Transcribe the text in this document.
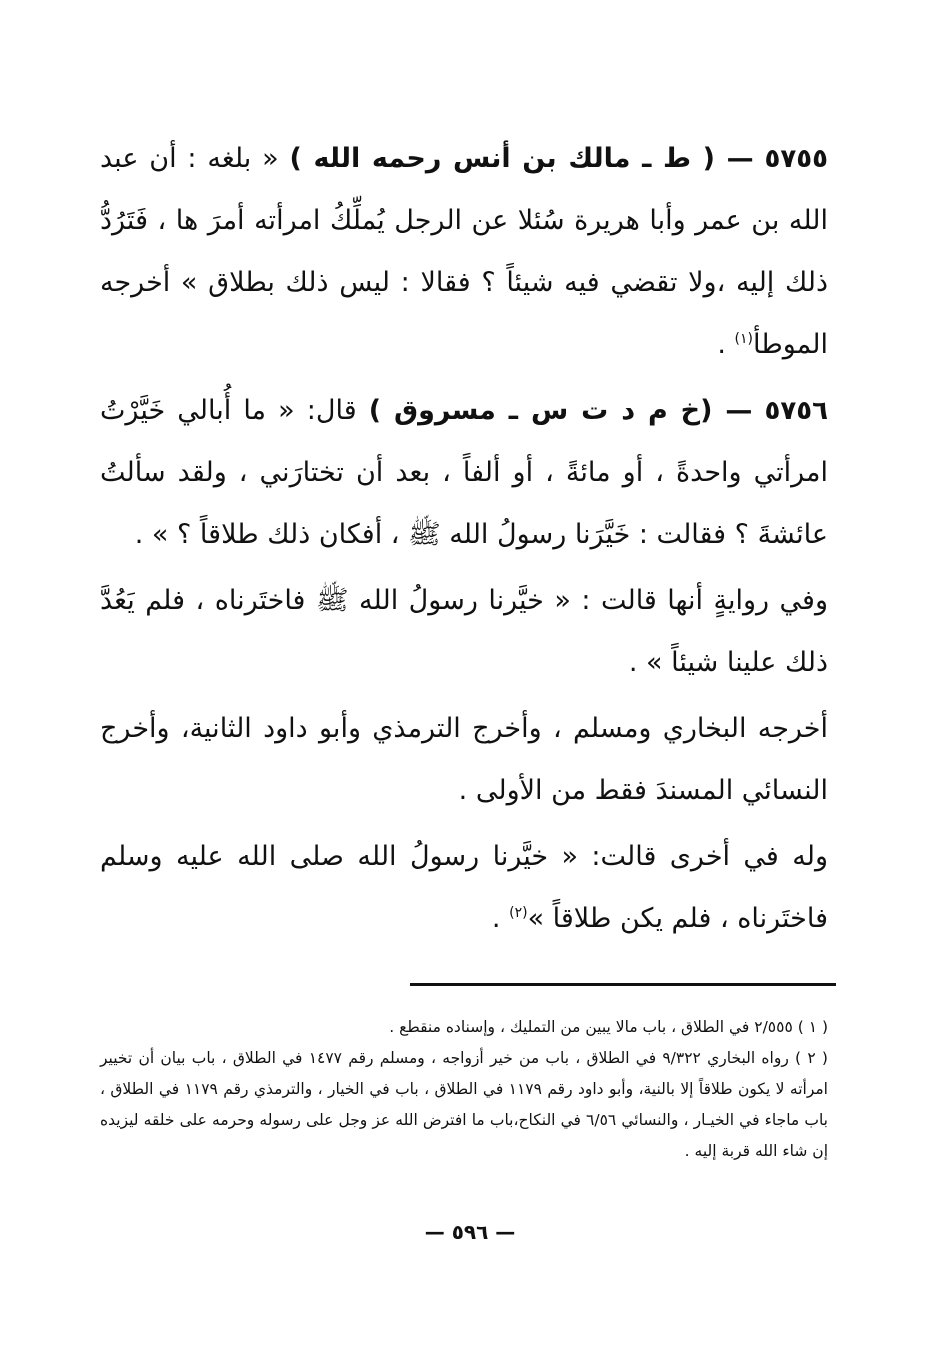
٥٧٥٥ — ( ط ـ مالك بن أنس رحمه الله ) « بلغه : أن عبد الله بن عمر وأبا هريرة سُئلا عن الرجل يُملِّكُ امرأته أمرَ ها ، فَتَرُدُّ ذلك إليه ،ولا تقضي فيه شيئاً ؟ فقالا : ليس ذلك بطلاق » أخرجه الموطأ$^{(١)}$ .

٥٧٥٦ — (خ م د ت س ـ مسروق ) قال: « ما أُبالي خَيَّرْتُ امرأتي واحدةً ، أو مائةً ، أو ألفاً ، بعد أن تختارَني ، ولقد سألتُ عائشةَ ؟ فقالت : خَيَّرَنا رسولُ الله ﷺ ، أفكان ذلك طلاقاً ؟ » .

وفي روايةٍ أنها قالت : « خيَّرنا رسولُ الله ﷺ فاختَرناه ، فلم يَعُدَّ ذلك علينا شيئاً » .

أخرجه البخاري ومسلم ، وأخرج الترمذي وأبو داود الثانية، وأخرج النسائي المسندَ فقط من الأولى .

وله في أخرى قالت: « خيَّرنا رسولُ الله صلى الله عليه وسلم فاختَرناه ، فلم يكن طلاقاً »$^{(٢)}$ .

( ١ ) ٢/٥٥٥ في الطلاق ، باب مالا يبين من التمليك ، وإسناده منقطع .

( ٢ ) رواه البخاري ٩/٣٢٢ في الطلاق ، باب من خير أزواجه ، ومسلم رقم ١٤٧٧ في الطلاق ، باب بيان أن تخيير امرأته لا يكون طلاقاً إلا بالنية، وأبو داود رقم ١١٧٩ في الطلاق ، باب في الخيار ، والترمذي رقم ١١٧٩ في الطلاق ، باب ماجاء في الخيـار ، والنسائي ٦/٥٦ في النكاح،باب ما افترض الله عز وجل على رسوله وحرمه على خلقه ليزيده إن شاء الله قربة إليه .

— ٥٩٦ —
